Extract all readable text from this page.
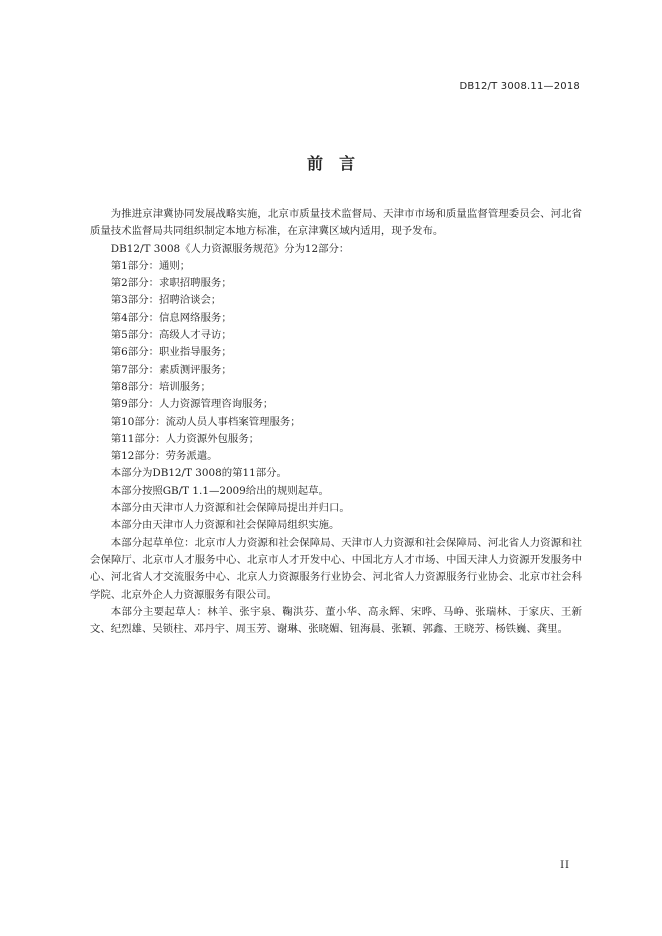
DB12/T 3008.11—2018
前　言

为推进京津冀协同发展战略实施，北京市质量技术监督局、天津市市场和质量监督管理委员会、河北省质量技术监督局共同组织制定本地方标准，在京津冀区域内适用，现予发布。

DB12/T 3008《人力资源服务规范》分为12部分：

第1部分：通则；

第2部分：求职招聘服务；

第3部分：招聘洽谈会；

第4部分：信息网络服务；

第5部分：高级人才寻访；

第6部分：职业指导服务；

第7部分：素质测评服务；

第8部分：培训服务；

第9部分：人力资源管理咨询服务；

第10部分：流动人员人事档案管理服务；

第11部分：人力资源外包服务；

第12部分：劳务派遣。

本部分为DB12/T 3008的第11部分。

本部分按照GB/T 1.1—2009给出的规则起草。

本部分由天津市人力资源和社会保障局提出并归口。

本部分由天津市人力资源和社会保障局组织实施。

本部分起草单位：北京市人力资源和社会保障局、天津市人力资源和社会保障局、河北省人力资源和社会保障厅、北京市人才服务中心、北京市人才开发中心、中国北方人才市场、中国天津人力资源开发服务中心、河北省人才交流服务中心、北京人力资源服务行业协会、河北省人力资源服务行业协会、北京市社会科学院、北京外企人力资源服务有限公司。

本部分主要起草人：林羊、张宇泉、鞠洪芬、董小华、高永辉、宋晔、马峥、张瑞林、于家庆、王新文、纪烈雄、吴锁柱、邓丹宇、周玉芳、谢琳、张晓媚、钮海晨、张颖、郭鑫、王晓芳、杨铁巍、龚里。

II
